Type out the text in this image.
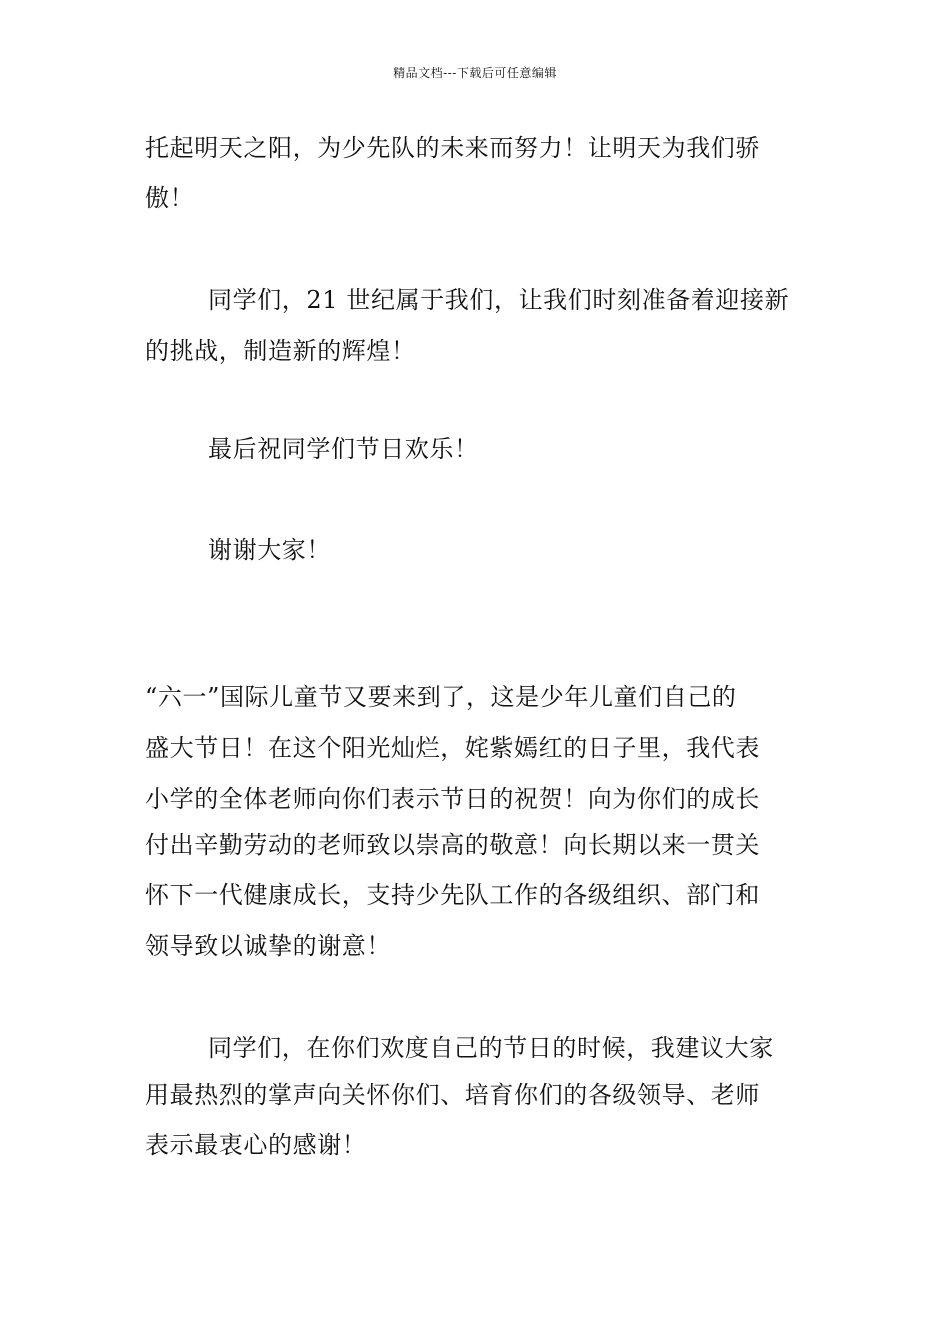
精品文档---下载后可任意编辑
托起明天之阳，为少先队的未来而努力！让明天为我们骄
傲！
同学们，21 世纪属于我们，让我们时刻准备着迎接新
的挑战，制造新的辉煌！
最后祝同学们节日欢乐！
谢谢大家！
“六一”国际儿童节又要来到了，这是少年儿童们自己的
盛大节日！在这个阳光灿烂，姹紫嫣红的日子里，我代表
小学的全体老师向你们表示节日的祝贺！向为你们的成长
付出辛勤劳动的老师致以崇高的敬意！向长期以来一贯关
怀下一代健康成长，支持少先队工作的各级组织、部门和
领导致以诚挚的谢意！
同学们，在你们欢度自己的节日的时候，我建议大家
用最热烈的掌声向关怀你们、培育你们的各级领导、老师
表示最衷心的感谢！
